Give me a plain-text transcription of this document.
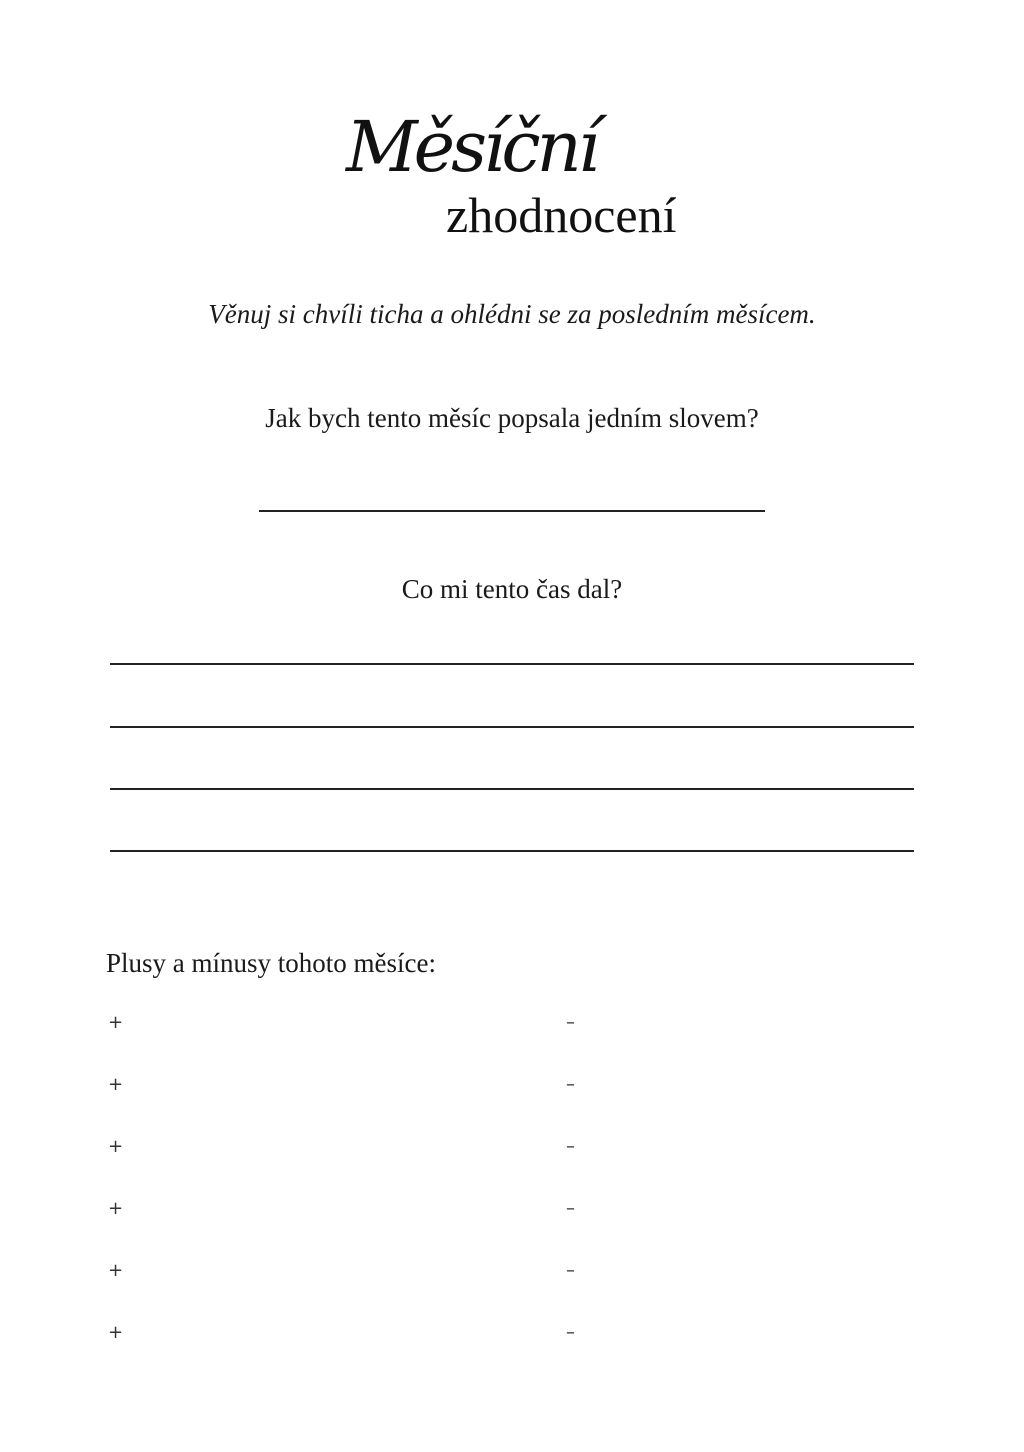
Měsíční
zhodnocení
Věnuj si chvíli ticha a ohlédni se za posledním měsícem.
Jak bych tento měsíc popsala jedním slovem?
Co mi tento čas dal?
Plusy a mínusy tohoto měsíce:
+	–
+	–
+	–
+	–
+	–
+	–
